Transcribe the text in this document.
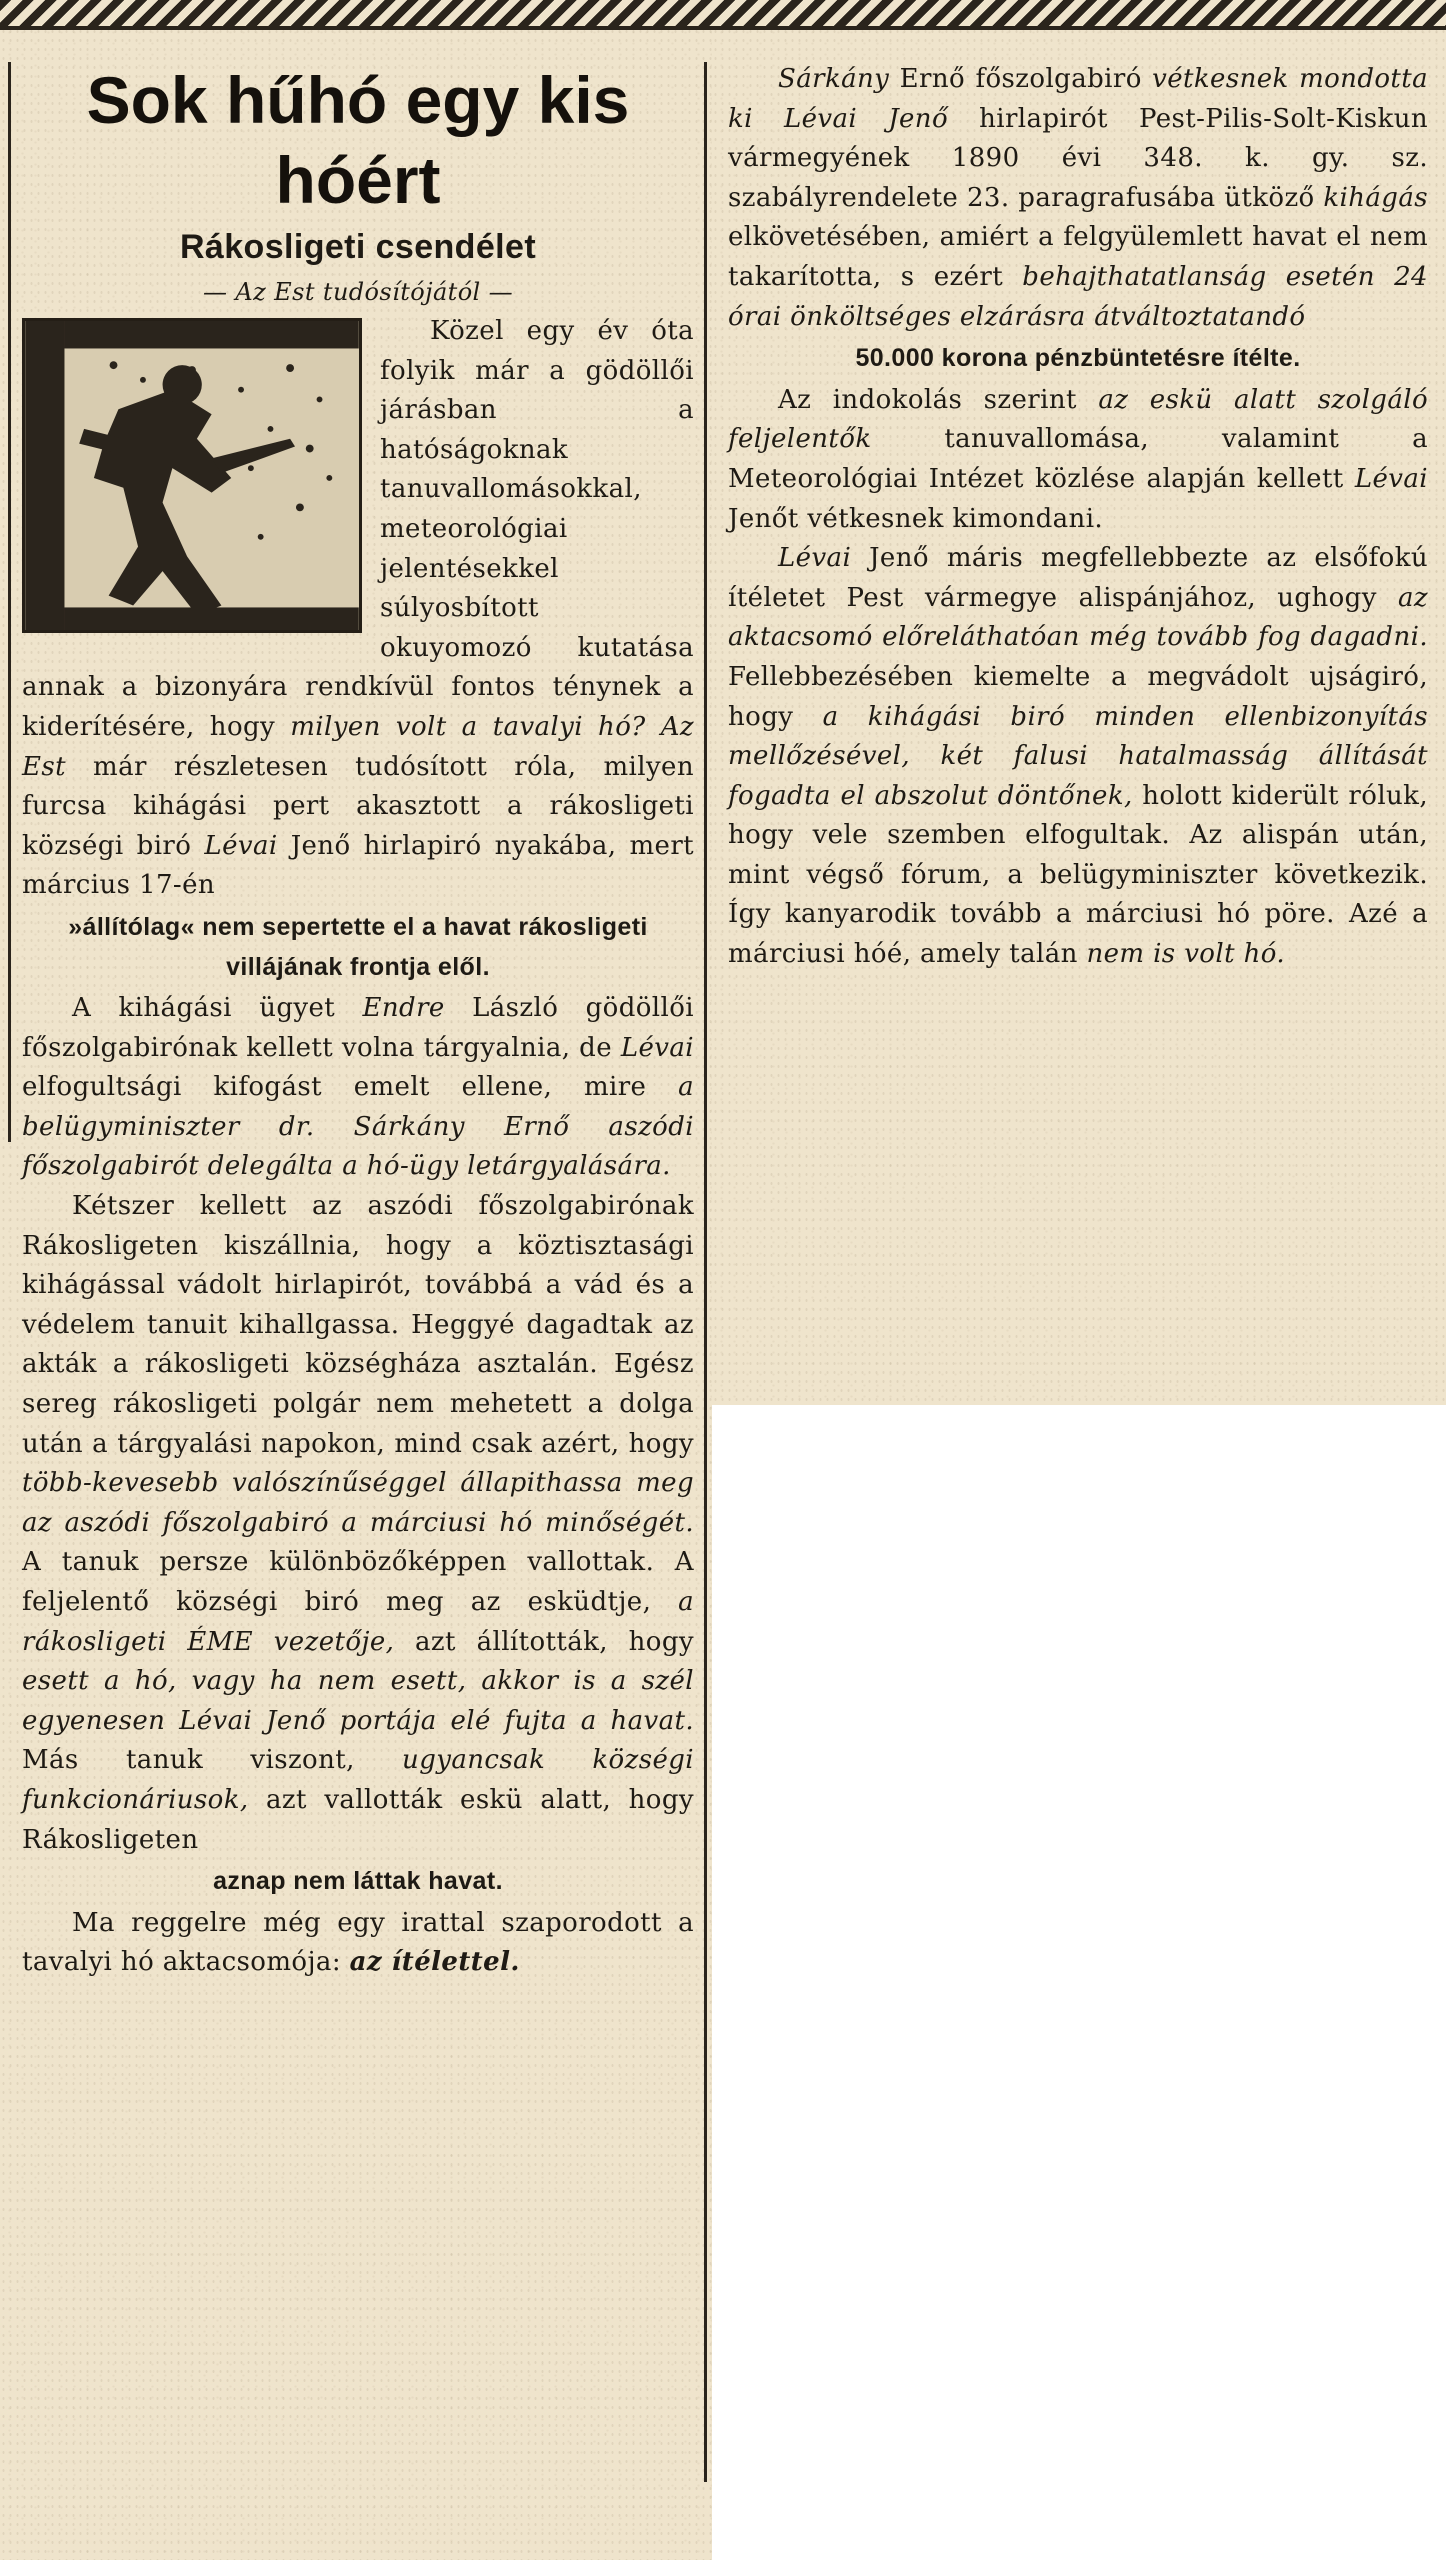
Sok hűhó egy kis hóért
Rákosligeti csendélet
— Az Est tudósítójától —

Közel egy év óta folyik már a gödöllői járásban a hatóságoknak tanuvallomásokkal, meteorológiai jelentésekkel súlyosbított okuyomozó kutatása annak a bizonyára rendkívül fontos ténynek a kiderítésére, hogy milyen volt a tavalyi hó? Az Est már részletesen tudósított róla, milyen furcsa kihágási pert akasztott a rákosligeti községi biró Lévai Jenő hirlapiró nyakába, mert március 17-én

»állítólag« nem sepertette el a havat rákosligeti villájának frontja elől.

A kihágási ügyet Endre László gödöllői főszolgabirónak kellett volna tárgyalnia, de Lévai elfogultsági kifogást emelt ellene, mire a belügyminiszter dr. Sárkány Ernő aszódi főszolgabirót delegálta a hó-ügy letárgyalására.

Kétszer kellett az aszódi főszolgabirónak Rákosligeten kiszállnia, hogy a köztisztasági kihágással vádolt hirlapirót, továbbá a vád és a védelem tanuit kihallgassa. Heggyé dagadtak az akták a rákosligeti községháza asztalán. Egész sereg rákosligeti polgár nem mehetett a dolga után a tárgyalási napokon, mind csak azért, hogy több-kevesebb valószínűséggel állapithassa meg az aszódi főszolgabiró a márciusi hó minőségét. A tanuk persze különbözőképpen vallottak. A feljelentő községi biró meg az esküdtje, a rákosligeti ÉME vezetője, azt állították, hogy esett a hó, vagy ha nem esett, akkor is a szél egyenesen Lévai Jenő portája elé fujta a havat. Más tanuk viszont, ugyancsak községi funkcionáriusok, azt vallották eskü alatt, hogy Rákosligeten

aznap nem láttak havat.

Ma reggelre még egy irattal szaporodott a tavalyi hó aktacsomója: az ítélettel.

Sárkány Ernő főszolgabiró vétkesnek mondotta ki Lévai Jenő hirlapirót Pest-Pilis-Solt-Kiskun vármegyének 1890 évi 348. k. gy. sz. szabályrendelete 23. paragrafusába ütköző kihágás elkövetésében, amiért a felgyülemlett havat el nem takarította, s ezért behajthatatlanság esetén 24 órai önköltséges elzárásra átváltoztatandó

50.000 korona pénzbüntetésre ítélte.

Az indokolás szerint az eskü alatt szolgáló feljelentők	tanuvallomása, valamint a Meteorológiai Intézet közlése alapján kellett Lévai Jenőt vétkesnek kimondani.

Lévai Jenő máris megfellebbezte az elsőfokú ítéletet Pest vármegye alispánjához, ughogy az aktacsomó előreláthatóan még tovább fog dagadni. Fellebbezésében kiemelte a megvádolt ujságiró, hogy a kihágási biró minden ellenbizonyítás mellőzésével, két falusi hatalmasság állítását fogadta el abszolut döntőnek, holott kiderült róluk, hogy vele szemben elfogultak. Az alispán után, mint végső fórum, a belügyminiszter következik. Így kanyarodik tovább a márciusi hó pöre. Azé a márciusi hóé, amely talán nem is volt hó.
